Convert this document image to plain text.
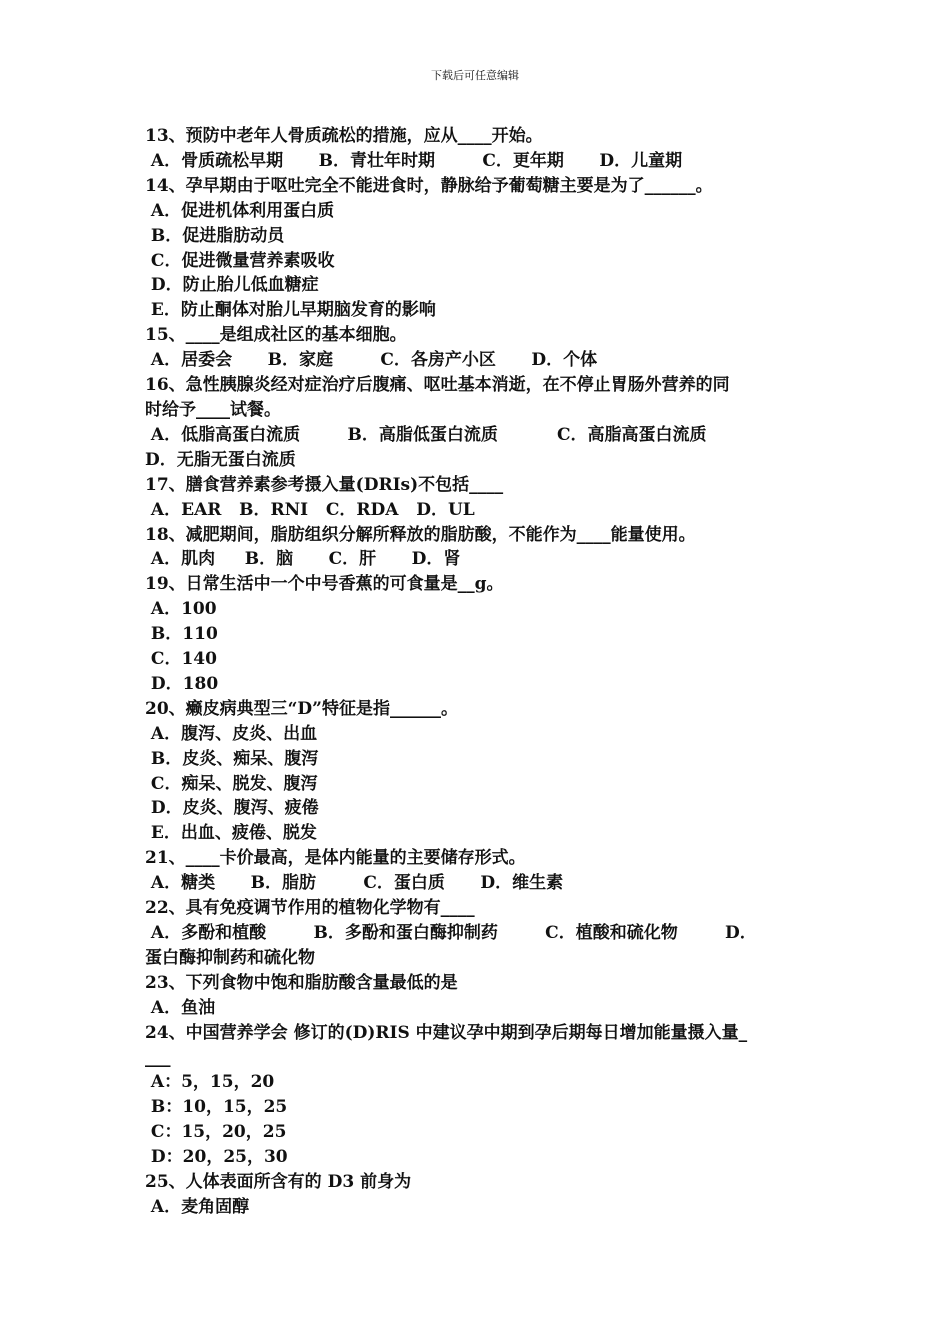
下载后可任意编辑
13、预防中老年人骨质疏松的措施，应从____开始。
A．骨质疏松早期      B．青壮年时期        C．更年期      D．儿童期
14、孕早期由于呕吐完全不能进食时，静脉给予葡萄糖主要是为了______。
A．促进机体利用蛋白质
B．促进脂肪动员
C．促进微量营养素吸收
D．防止胎儿低血糖症
E．防止酮体对胎儿早期脑发育的影响
15、____是组成社区的基本细胞。
A．居委会      B．家庭        C．各房产小区      D．个体
16、急性胰腺炎经对症治疗后腹痛、呕吐基本消逝，在不停止胃肠外营养的同
时给予____试餐。
A．低脂高蛋白流质        B．高脂低蛋白流质          C．高脂高蛋白流质
D．无脂无蛋白流质
17、膳食营养素参考摄入量(DRIs)不包括____
A．EAR   B．RNI   C．RDA   D．UL
18、减肥期间，脂肪组织分解所释放的脂肪酸，不能作为____能量使用。
A．肌肉     B．脑      C．肝      D．肾
19、日常生活中一个中号香蕉的可食量是__g。
A．100
B．110
C．140
D．180
20、癞皮病典型三“D”特征是指______。
A．腹泻、皮炎、出血
B．皮炎、痴呆、腹泻
C．痴呆、脱发、腹泻
D．皮炎、腹泻、疲倦
E．出血、疲倦、脱发
21、____卡价最高，是体内能量的主要储存形式。
A．糖类      B．脂肪        C．蛋白质      D．维生素
22、具有免疫调节作用的植物化学物有____
A．多酚和植酸        B．多酚和蛋白酶抑制药        C．植酸和硫化物        D．
蛋白酶抑制药和硫化物
23、下列食物中饱和脂肪酸含量最低的是
A．鱼油
24、中国营养学会 修订的(D)RIS 中建议孕中期到孕后期每日增加能量摄入量_
___
A：5，15，20
B：10，15，25
C：15，20，25
D：20，25，30
25、人体表面所含有的 D3 前身为
A．麦角固醇
